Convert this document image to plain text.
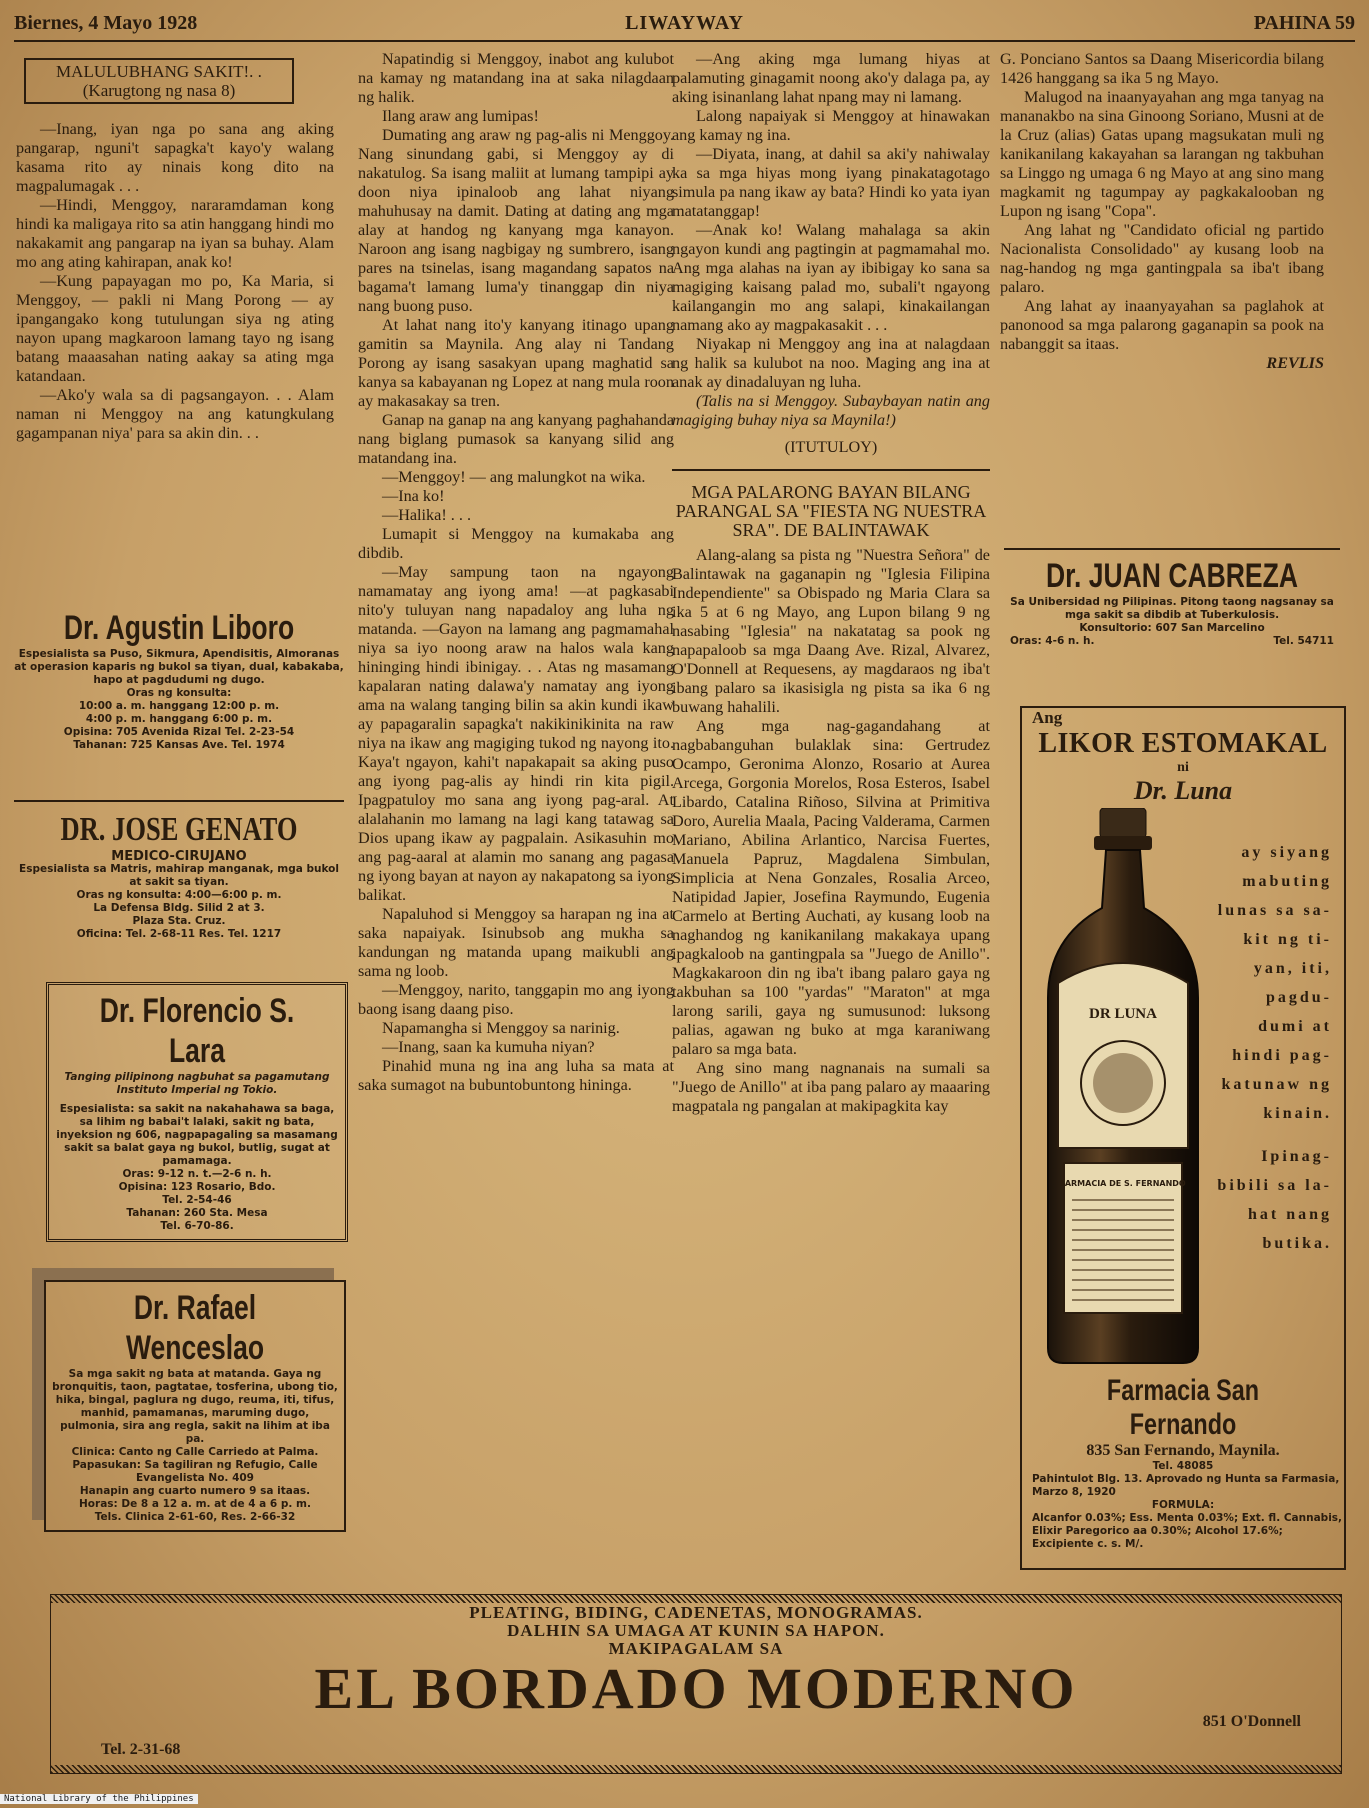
Biernes, 4 Mayo 1928	LIWAYWAY	PAHINA 59
MALULUBHANG SAKIT!. .
(Karugtong ng nasa 8)

—Inang, iyan nga po sana ang aking pangarap, nguni't sapagka't kayo'y walang kasama rito ay ninais kong dito na magpalumagak . . .

—Hindi, Menggoy, nararamdaman kong hindi ka maligaya rito sa atin hanggang hindi mo nakakamit ang pangarap na iyan sa buhay. Alam mo ang ating kahirapan, anak ko!

—Kung papayagan mo po, Ka Maria, si Menggoy, — pakli ni Mang Porong — ay ipangangako kong tutulungan siya ng ating nayon upang magkaroon lamang tayo ng isang batang maaasahan nating aakay sa ating mga katandaan.

—Ako'y wala sa di pagsangayon. . . Alam naman ni Menggoy na ang katungkulang gagampanan niya' para sa akin din. . .

Dr. Agustin Liboro
Espesialista sa Puso, Sikmura, Apendisitis, Almoranas at operasion kaparis ng bukol sa tiyan, dual, kabakaba, hapo at pagdudumi ng dugo.
Oras ng konsulta:
10:00 a. m. hanggang 12:00 p. m.
4:00 p. m. hanggang 6:00 p. m.
Opisina: 705 Avenida Rizal Tel. 2-23-54
Tahanan: 725 Kansas Ave. Tel. 1974
DR. JOSE GENATO
MEDICO-CIRUJANO
Espesialista sa Matris, mahirap manganak, mga bukol at sakit sa tiyan.
Oras ng konsulta: 4:00—6:00 p. m.
La Defensa Bldg. Silid 2 at 3.
Plaza Sta. Cruz.
Oficina: Tel. 2-68-11 Res. Tel. 1217
Dr. Florencio S. Lara
Tanging pilipinong nagbuhat sa pagamutang Instituto Imperial ng Tokio.
Espesialista: sa sakit na nakahahawa sa baga, sa lihim ng babai't lalaki, sakit ng bata, inyeksion ng 606, nagpapagaling sa masamang sakit sa balat gaya ng bukol, butlig, sugat at pamamaga.
Oras: 9-12 n. t.—2-6 n. h.
Opisina: 123 Rosario, Bdo.
Tel. 2-54-46
Tahanan: 260 Sta. Mesa
Tel. 6-70-86.
Dr. Rafael Wenceslao
Sa mga sakit ng bata at matanda. Gaya ng bronquitis, taon, pagtatae, tosferina, ubong tio, hika, bingal, paglura ng dugo, reuma, iti, tifus, manhid, pamamanas, maruming dugo, pulmonia, sira ang regla, sakit na lihim at iba pa.
Clinica: Canto ng Calle Carriedo at Palma.
Papasukan: Sa tagiliran ng Refugio, Calle Evangelista No. 409
Hanapin ang cuarto numero 9 sa itaas.
Horas: De 8 a 12 a. m. at de 4 a 6 p. m.
Tels. Clinica 2-61-60, Res. 2-66-32

Napatindig si Menggoy, inabot ang kulubot na kamay ng matandang ina at saka nilagdaan ng halik.

Ilang araw ang lumipas!

Dumating ang araw ng pag-alis ni Menggoy. Nang sinundang gabi, si Menggoy ay di nakatulog. Sa isang maliit at lumang tampipi ay doon niya ipinaloob ang lahat niyang mahuhusay na damit. Dating at dating ang mga alay at handog ng kanyang mga kanayon. Naroon ang isang nagbigay ng sumbrero, isang pares na tsinelas, isang magandang sapatos na bagama't lamang luma'y tinanggap din niya nang buong puso.

At lahat nang ito'y kanyang itinago upang gamitin sa Maynila. Ang alay ni Tandang Porong ay isang sasakyan upang maghatid sa kanya sa kabayanan ng Lopez at nang mula roon ay makasakay sa tren.

Ganap na ganap na ang kanyang paghahanda nang biglang pumasok sa kanyang silid ang matandang ina.

—Menggoy! — ang malungkot na wika.

—Ina ko!

—Halika! . . .

Lumapit si Menggoy na kumakaba ang dibdib.

—May sampung taon na ngayong namamatay ang iyong ama! —at pagkasabi nito'y tuluyan nang napadaloy ang luha ng matanda. —Gayon na lamang ang pagmamahal niya sa iyo noong araw na halos wala kang hininging hindi ibinigay. . . Atas ng masamang kapalaran nating dalawa'y namatay ang iyong ama na walang tanging bilin sa akin kundi ikaw ay papagaralin sapagka't nakikinikinita na raw niya na ikaw ang magiging tukod ng nayong ito. Kaya't ngayon, kahi't napakapait sa aking puso ang iyong pag-alis ay hindi rin kita pigil. Ipagpatuloy mo sana ang iyong pag-aral. At alalahanin mo lamang na lagi kang tatawag sa Dios upang ikaw ay pagpalain. Asikasuhin mo ang pag-aaral at alamin mo sanang ang pagasa ng iyong bayan at nayon ay nakapatong sa iyong balikat.

Napaluhod si Menggoy sa harapan ng ina at saka napaiyak. Isinubsob ang mukha sa kandungan ng matanda upang maikubli ang sama ng loob.

—Menggoy, narito, tanggapin mo ang iyong baong isang daang piso.

Napamangha si Menggoy sa narinig.

—Inang, saan ka kumuha niyan?

Pinahid muna ng ina ang luha sa mata at saka sumagot na bubuntobuntong hininga.

—Ang aking mga lumang hiyas at palamuting ginagamit noong ako'y dalaga pa, ay aking isinanlang lahat npang may ni lamang.

Lalong napaiyak si Menggoy at hinawakan ang kamay ng ina.

—Diyata, inang, at dahil sa aki'y nahiwalay ka sa mga hiyas mong iyang pinakatagotago simula pa nang ikaw ay bata? Hindi ko yata iyan matatanggap!

—Anak ko! Walang mahalaga sa akin ngayon kundi ang pagtingin at pagmamahal mo. Ang mga alahas na iyan ay ibibigay ko sana sa magiging kaisang palad mo, subali't ngayong kailangangin mo ang salapi, kinakailangan namang ako ay magpakasakit . . .

Niyakap ni Menggoy ang ina at nalagdaan ng halik sa kulubot na noo. Maging ang ina at anak ay dinadaluyan ng luha.

(Talis na si Menggoy. Subaybayan natin ang magiging buhay niya sa Maynila!)

(ITUTULOY)

MGA PALARONG BAYAN BILANG PARANGAL SA "FIESTA NG NUESTRA SRA". DE BALINTAWAK

Alang-alang sa pista ng "Nuestra Señora" de Balintawak na gaganapin ng "Iglesia Filipina Independiente" sa Obispado ng Maria Clara sa ika 5 at 6 ng Mayo, ang Lupon bilang 9 ng nasabing "Iglesia" na nakatatag sa pook ng napapaloob sa mga Daang Ave. Rizal, Alvarez, O'Donnell at Requesens, ay magdaraos ng iba't ibang palaro sa ikasisigla ng pista sa ika 6 ng buwang hahalili.

Ang mga nag-gagandahang at nagbabanguhan bulaklak sina: Gertrudez Ocampo, Geronima Alonzo, Rosario at Aurea Arcega, Gorgonia Morelos, Rosa Esteros, Isabel Libardo, Catalina Riñoso, Silvina at Primitiva Doro, Aurelia Maala, Pacing Valderama, Carmen Mariano, Abilina Arlantico, Narcisa Fuertes, Manuela Papruz, Magdalena Simbulan, Simplicia at Nena Gonzales, Rosalia Arceo, Natipidad Japier, Josefina Raymundo, Eugenia Carmelo at Berting Auchati, ay kusang loob na naghandog ng kanikanilang makakaya upang ipagkaloob na gantingpala sa "Juego de Anillo". Magkakaroon din ng iba't ibang palaro gaya ng takbuhan sa 100 "yardas" "Maraton" at mga larong sarili, gaya ng sumusunod: luksong palias, agawan ng buko at mga karaniwang palaro sa mga bata.

Ang sino mang nagnanais na sumali sa "Juego de Anillo" at iba pang palaro ay maaaring magpatala ng pangalan at makipagkita kay

G. Ponciano Santos sa Daang Misericordia bilang 1426 hanggang sa ika 5 ng Mayo.

Malugod na inaanyayahan ang mga tanyag na mananakbo na sina Ginoong Soriano, Musni at de la Cruz (alias) Gatas upang magsukatan muli ng kanikanilang kakayahan sa larangan ng takbuhan sa Linggo ng umaga 6 ng Mayo at ang sino mang magkamit ng tagumpay ay pagkakalooban ng Lupon ng isang "Copa".

Ang lahat ng "Candidato oficial ng partido Nacionalista Consolidado" ay kusang loob na nag-handog ng mga gantingpala sa iba't ibang palaro.

Ang lahat ay inaanyayahan sa paglahok at panonood sa mga palarong gaganapin sa pook na nabanggit sa itaas.

REVLIS
Dr. JUAN CABREZA
Sa Unibersidad ng Pilipinas. Pitong taong nagsanay sa mga sakit sa dibdib at Tuberkulosis.
Konsultorio: 607 San Marcelino
Oras: 4-6 n. h.	Tel. 54711
Ang
LIKOR ESTOMAKAL
ni
Dr. Luna
DR LUNA
FARMACIA DE S. FERNANDO
ay siyang
mabuting
lunas sa sa-
kit ng ti-
yan, iti,
pagdu-
dumi at
hindi pag-
katunaw ng
kinain.
Ipinag-
bibili sa la-
hat nang
butika.
Farmacia San Fernando
835 San Fernando, Maynila.
Tel. 48085
Pahintulot Blg. 13. Aprovado ng Hunta sa Farmasia, Marzo 8, 1920
FORMULA:
Alcanfor 0.03%; Ess. Menta 0.03%; Ext. fl. Cannabis, Elixir Paregorico aa 0.30%; Alcohol 17.6%; Excipiente c. s. M/.
PLEATING, BIDING, CADENETAS, MONOGRAMAS.
DALHIN SA UMAGA AT KUNIN SA HAPON.
MAKIPAGALAM SA
EL BORDADO MODERNO
Tel. 2-31-68
851 O'Donnell
National Library of the Philippines
